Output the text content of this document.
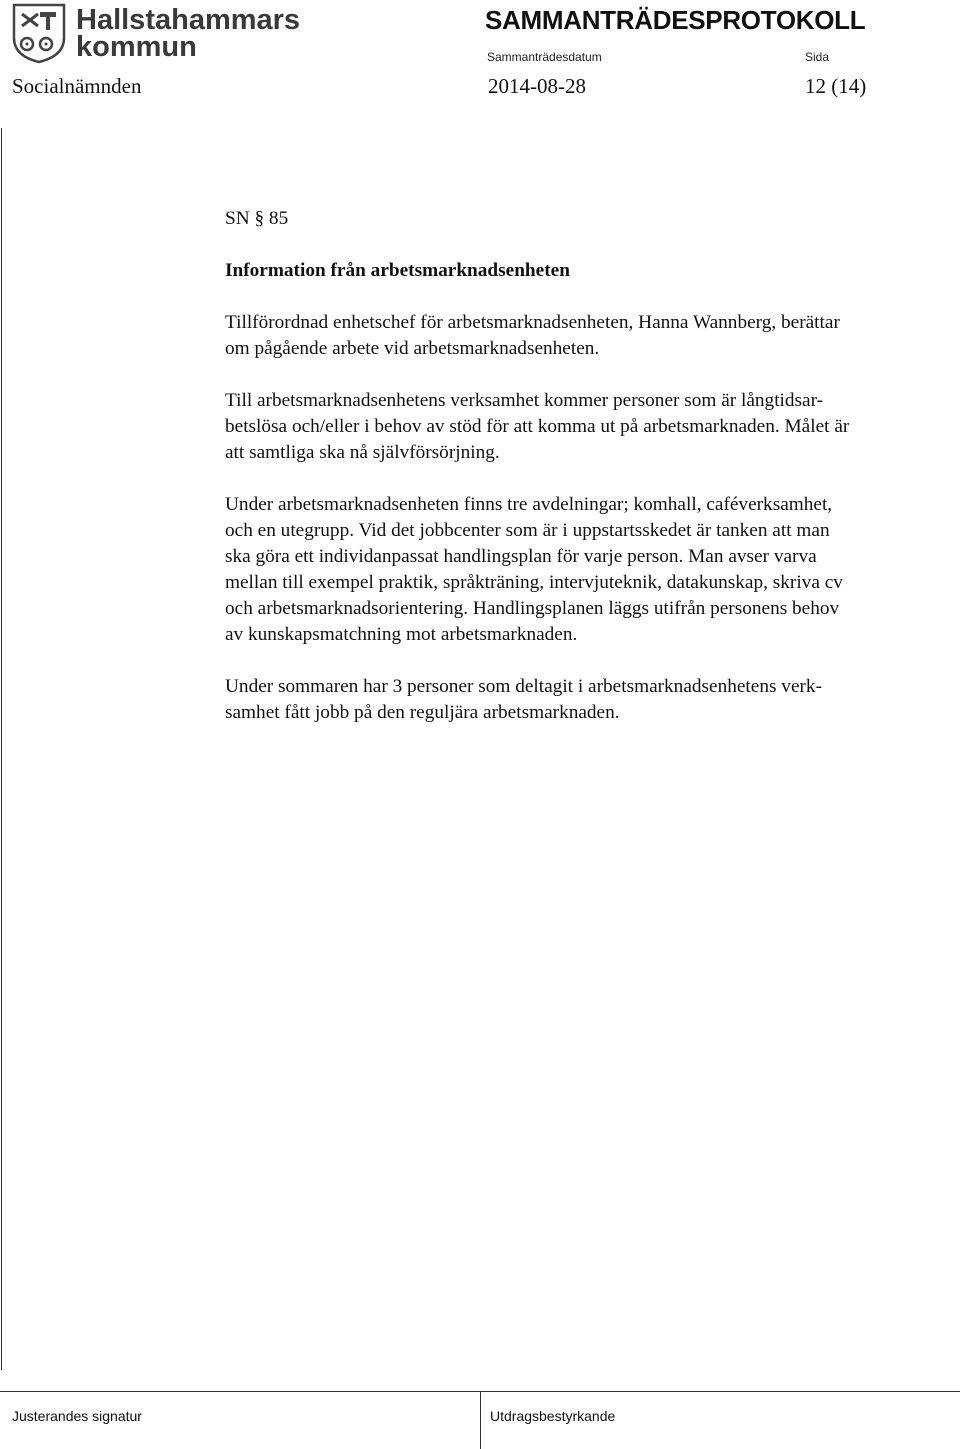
Hallstahammars
kommun
SAMMANTRÄDESPROTOKOLL
Sammanträdesdatum	Sida
Socialnämnden	2014-08-28	12 (14)

SN § 85

Information från arbetsmarknadsenheten

Tillförordnad enhetschef för arbetsmarknadsenheten, Hanna Wannberg, berättar
om pågående arbete vid arbetsmarknadsenheten.

Till arbetsmarknadsenhetens verksamhet kommer personer som är långtidsar-
betslösa och/eller i behov av stöd för att komma ut på arbetsmarknaden. Målet är
att samtliga ska nå självförsörjning.

Under arbetsmarknadsenheten finns tre avdelningar; komhall, caféverksamhet,
och en utegrupp. Vid det jobbcenter som är i uppstartsskedet är tanken att man
ska göra ett individanpassat handlingsplan för varje person. Man avser varva
mellan till exempel praktik, språkträning, intervjuteknik, datakunskap, skriva cv
och arbetsmarknadsorientering. Handlingsplanen läggs utifrån personens behov
av kunskapsmatchning mot arbetsmarknaden.

Under sommaren har 3 personer som deltagit i arbetsmarknadsenhetens verk-
samhet fått jobb på den reguljära arbetsmarknaden.

Justerandes signatur	Utdragsbestyrkande
